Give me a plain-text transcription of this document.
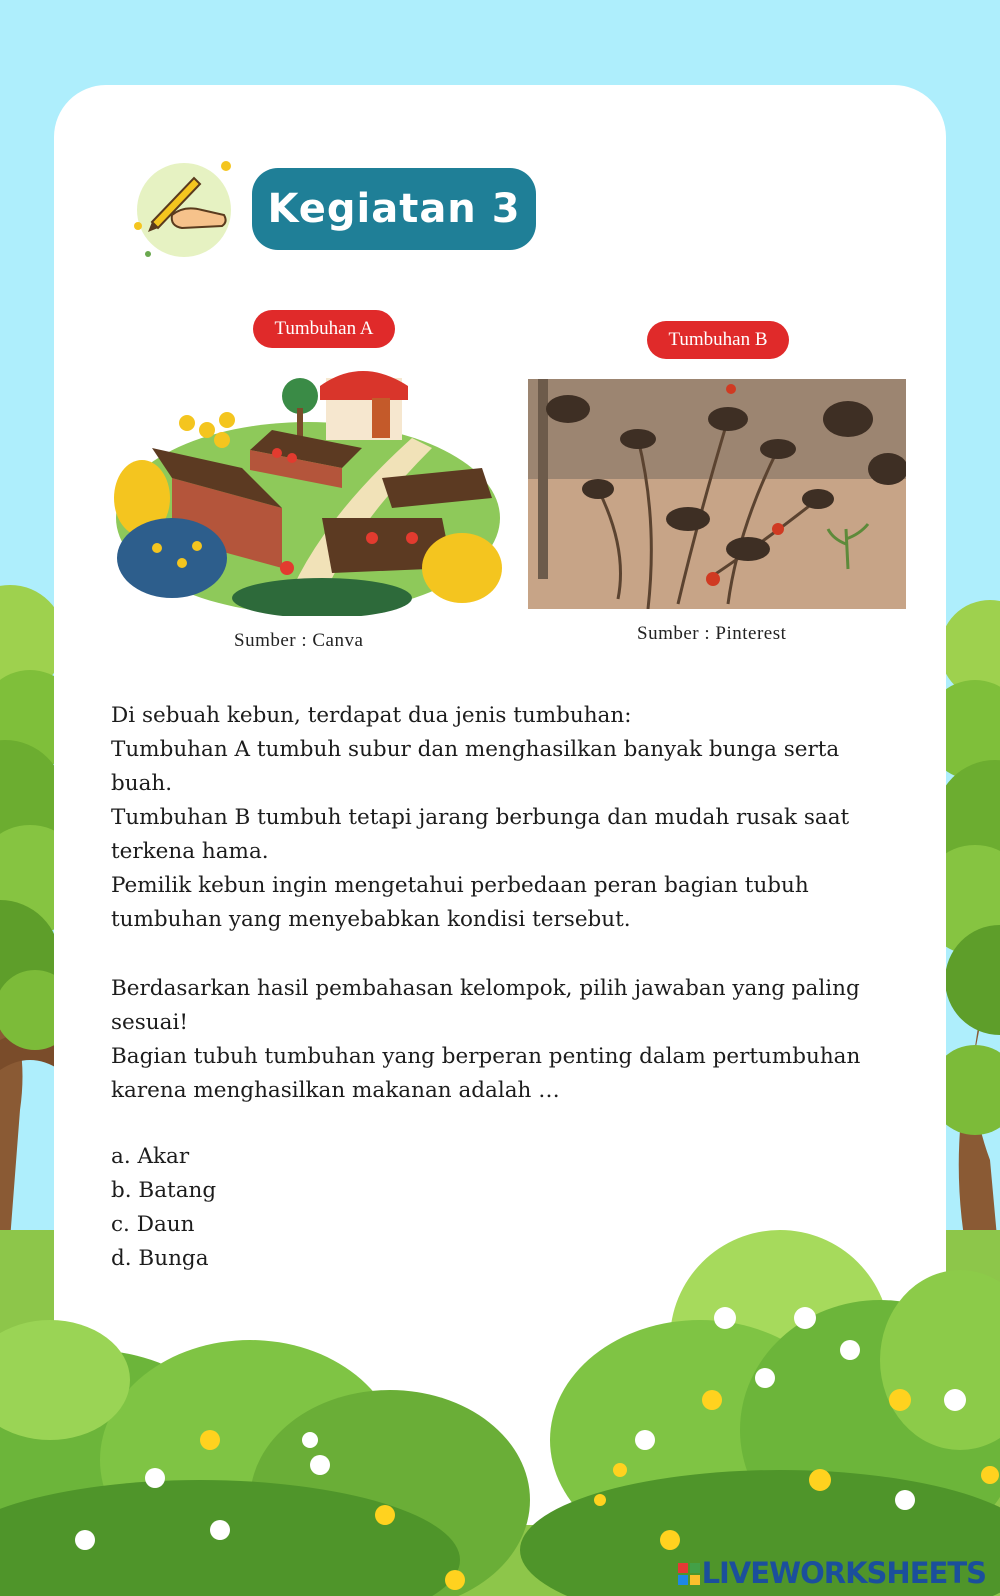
Kegiatan 3
Tumbuhan A
Sumber : Canva
Tumbuhan B
Sumber : Pinterest

Di sebuah kebun, terdapat dua jenis tumbuhan:

Tumbuhan A tumbuh subur dan menghasilkan banyak bunga serta buah.

Tumbuhan B tumbuh tetapi jarang berbunga dan mudah rusak saat terkena hama.

Pemilik kebun ingin mengetahui perbedaan peran bagian tubuh tumbuhan yang menyebabkan kondisi tersebut.

Berdasarkan hasil pembahasan kelompok, pilih jawaban yang paling sesuai!

Bagian tubuh tumbuhan yang berperan penting dalam pertumbuhan karena menghasilkan makanan adalah …

a. Akar
b. Batang
c. Daun
d. Bunga
LIVEWORKSHEETS
